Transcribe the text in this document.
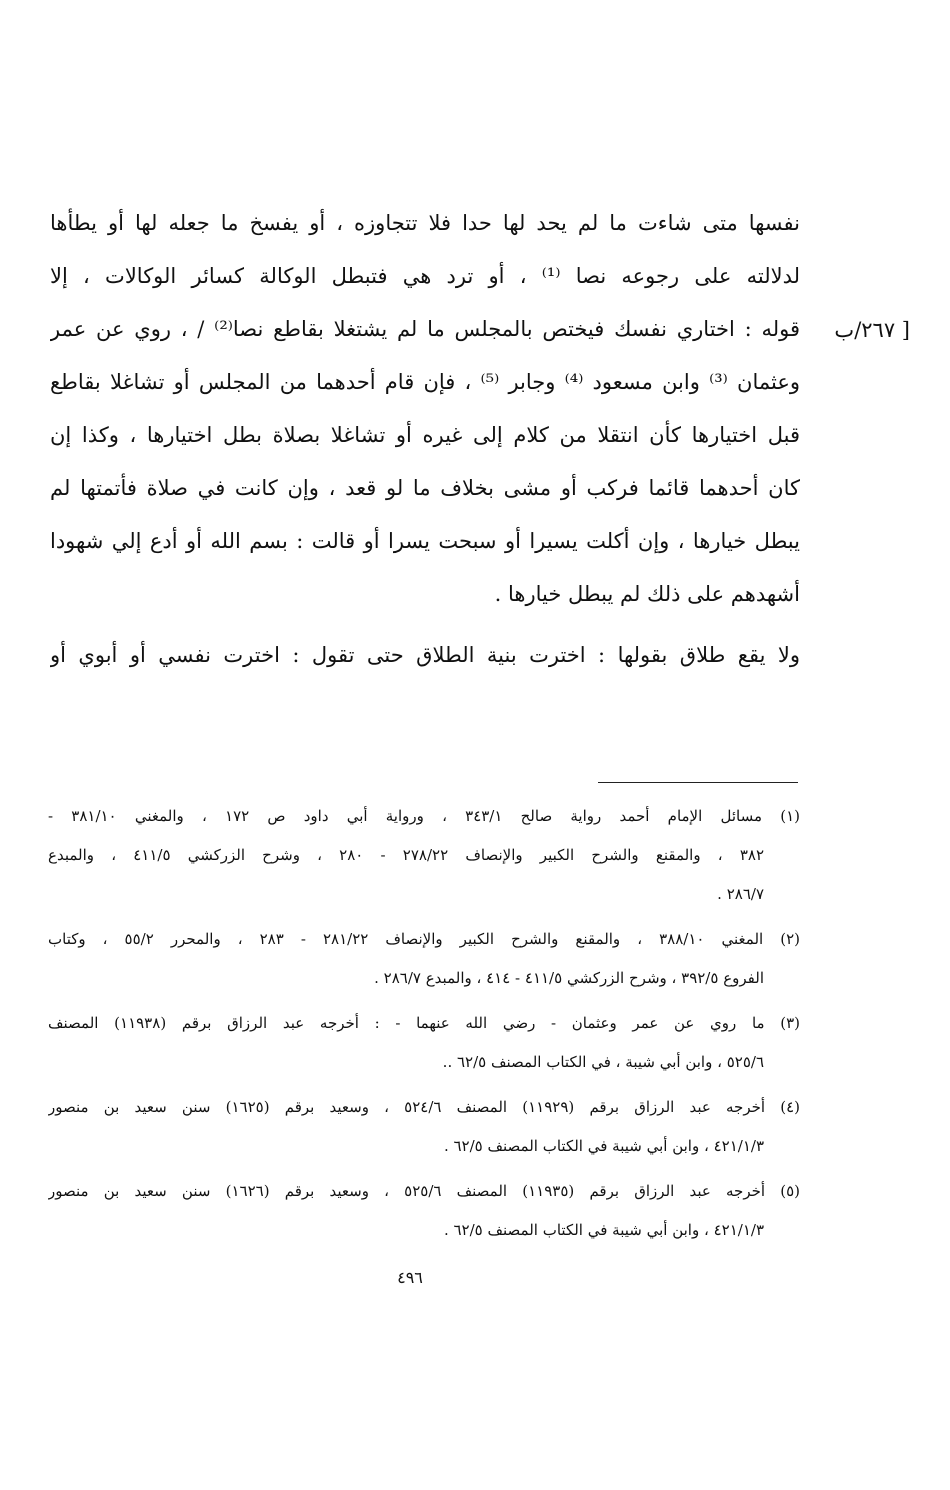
[ ٢٦٧/ب
نفسها متى شاءت ما لم يحد لها حدا فلا تتجاوزه ، أو يفسخ ما جعله لها أو يطأها
لدلالته على رجوعه نصا ⁽¹⁾ ، أو ترد هي فتبطل الوكالة كسائر الوكالات ، إلا
قوله : اختاري نفسك فيختص بالمجلس ما لم يشتغلا بقاطع نصا⁽²⁾ / ، روي عن عمر
وعثمان ⁽³⁾ وابن مسعود ⁽⁴⁾ وجابر ⁽⁵⁾ ، فإن قام أحدهما من المجلس أو تشاغلا بقاطع
قبل اختيارها كأن انتقلا من كلام إلى غيره أو تشاغلا بصلاة بطل اختيارها ، وكذا إن
كان أحدهما قائما فركب أو مشى بخلاف ما لو قعد ، وإن كانت في صلاة فأتمتها لم
يبطل خيارها ، وإن أكلت يسيرا أو سبحت يسرا أو قالت : بسم الله أو أدع إلي شهودا
أشهدهم على ذلك لم يبطل خيارها .
ولا يقع طلاق بقولها : اخترت بنية الطلاق حتى تقول : اخترت نفسي أو أبوي أو
(١) مسائل الإمام أحمد رواية صالح ٣٤٣/١ ، ورواية أبي داود ص ١٧٢ ، والمغني ٣٨١/١٠ -
٣٨٢ ، والمقنع والشرح الكبير والإنصاف ٢٧٨/٢٢ - ٢٨٠ ، وشرح الزركشي ٤١١/٥ ، والمبدع
٢٨٦/٧ .
(٢) المغني ٣٨٨/١٠ ، والمقنع والشرح الكبير والإنصاف ٢٨١/٢٢ - ٢٨٣ ، والمحرر ٥٥/٢ ، وكتاب
الفروع ٣٩٢/٥ ، وشرح الزركشي ٤١١/٥ - ٤١٤ ، والمبدع ٢٨٦/٧ .
(٣) ما روي عن عمر وعثمان - رضي الله عنهما - : أخرجه عبد الرزاق برقم (١١٩٣٨) المصنف
٥٢٥/٦ ، وابن أبي شيبة ، في الكتاب المصنف ٦٢/٥ ..
(٤) أخرجه عبد الرزاق برقم (١١٩٢٩) المصنف ٥٢٤/٦ ، وسعيد برقم (١٦٢٥) سنن سعيد بن منصور
٤٢١/١/٣ ، وابن أبي شيبة في الكتاب المصنف ٦٢/٥ .
(٥) أخرجه عبد الرزاق برقم (١١٩٣٥) المصنف ٥٢٥/٦ ، وسعيد برقم (١٦٢٦) سنن سعيد بن منصور
٤٢١/١/٣ ، وابن أبي شيبة في الكتاب المصنف ٦٢/٥ .
٤٩٦
